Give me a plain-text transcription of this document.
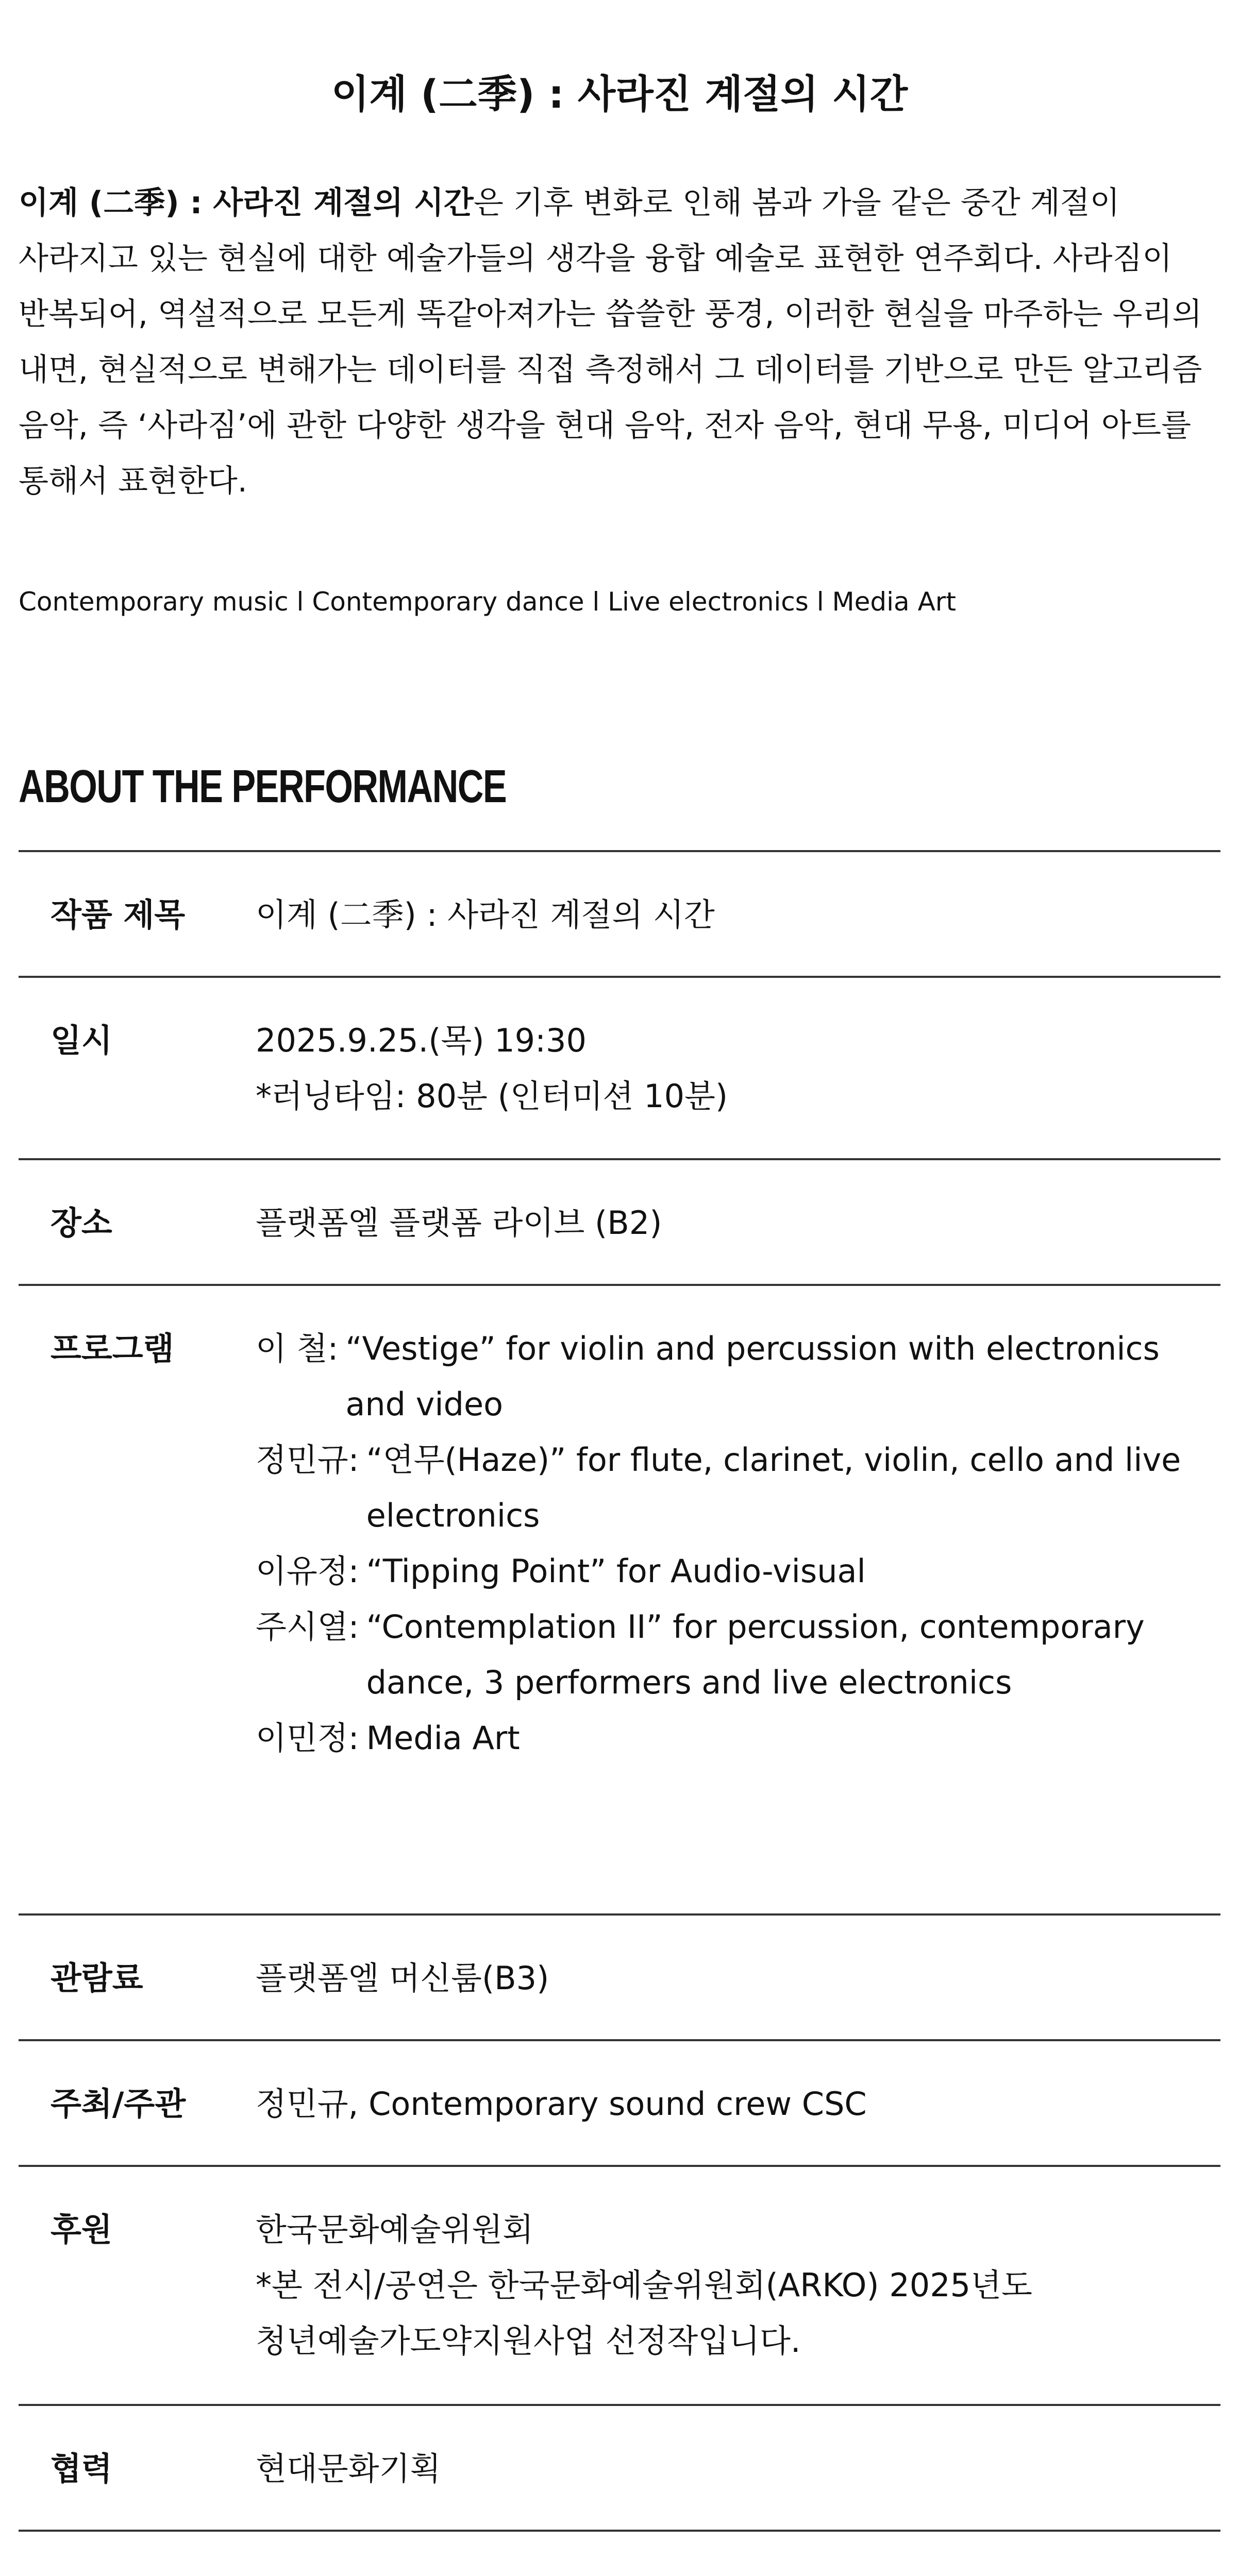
이계 (二季) : 사라진 계절의 시간

이계 (二季) : 사라진 계절의 시간은 기후 변화로 인해 봄과 가을 같은 중간 계절이 사라지고 있는 현실에 대한 예술가들의 생각을 융합 예술로 표현한 연주회다. 사라짐이 반복되어, 역설적으로 모든게 똑같아져가는 씁쓸한 풍경, 이러한 현실을 마주하는 우리의 내면, 현실적으로 변해가는 데이터를 직접 측정해서 그 데이터를 기반으로 만든 알고리즘 음악, 즉 ‘사라짐’에 관한 다양한 생각을 현대 음악, 전자 음악, 현대 무용, 미디어 아트를 통해서 표현한다.

Contemporary music l Contemporary dance l Live electronics l Media Art

ABOUT THE PERFORMANCE
작품 제목	이계 (二季) : 사라진 계절의 시간
일시	2025.9.25.(목) 19:30
*러닝타임: 80분 (인터미션 10분)
장소	플랫폼엘 플랫폼 라이브 (B2)
프로그램	이 철: “Vestige” for violin and percussion with electronics and video
정민규: “연무(Haze)” for flute, clarinet, violin, cello and live electronics
이유정: “Tipping Point” for Audio-visual
주시열: “Contemplation II” for percussion, contemporary dance, 3 performers and live electronics
이민정: Media Art
관람료	플랫폼엘 머신룸(B3)
주최/주관	정민규, Contemporary sound crew CSC
후원	한국문화예술위원회
*본 전시/공연은 한국문화예술위원회(ARKO) 2025년도 청년예술가도약지원사업 선정작입니다.
협력	현대문화기획
